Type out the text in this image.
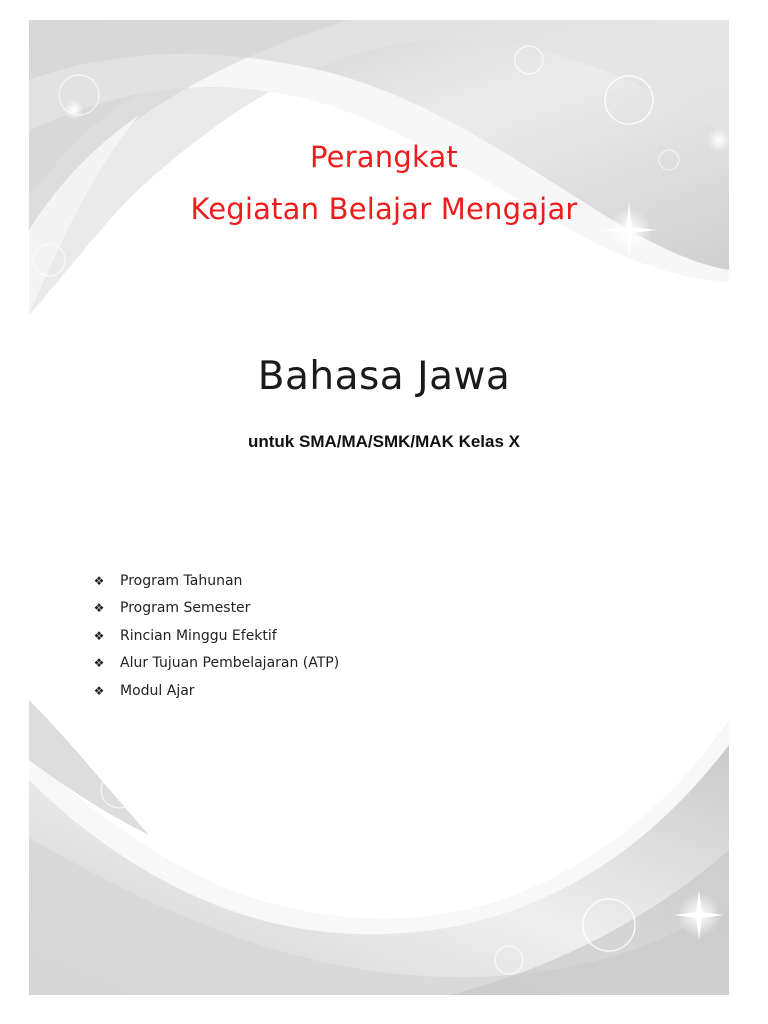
Perangkat
Kegiatan Belajar Mengajar
Bahasa Jawa

untuk SMA/MA/SMK/MAK Kelas X

❖ Program Tahunan
❖ Program Semester
❖ Rincian Minggu Efektif
❖ Alur Tujuan Pembelajaran (ATP)
❖ Modul Ajar
